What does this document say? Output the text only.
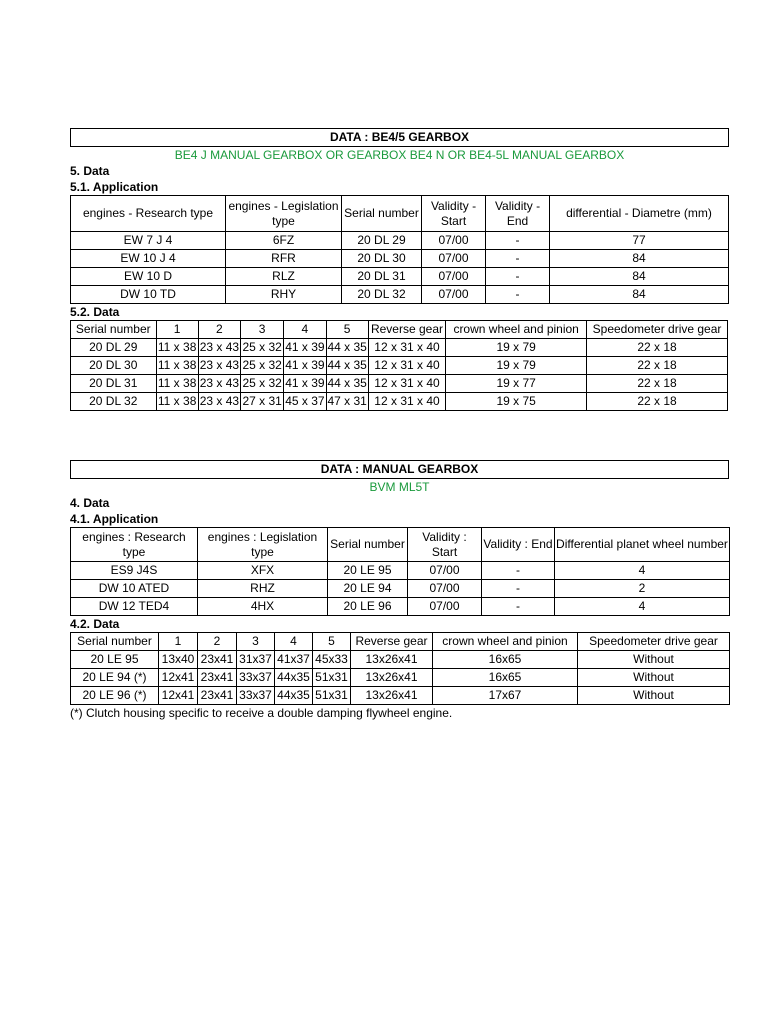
DATA : BE4/5 GEARBOX
BE4 J MANUAL GEARBOX OR GEARBOX BE4 N OR BE4-5L MANUAL GEARBOX
5. Data
5.1. Application
engines - Research type	engines - Legislation type	Serial number	Validity - Start	Validity - End	differential - Diametre (mm)
EW 7 J 4	6FZ	20 DL 29	07/00	-	77
EW 10 J 4	RFR	20 DL 30	07/00	-	84
EW 10 D	RLZ	20 DL 31	07/00	-	84
DW 10 TD	RHY	20 DL 32	07/00	-	84
5.2. Data
Serial number	1	2	3	4	5	Reverse gear	crown wheel and pinion	Speedometer drive gear
20 DL 29	11 x 38	23 x 43	25 x 32	41 x 39	44 x 35	12 x 31 x 40	19 x 79	22 x 18
20 DL 30	11 x 38	23 x 43	25 x 32	41 x 39	44 x 35	12 x 31 x 40	19 x 79	22 x 18
20 DL 31	11 x 38	23 x 43	25 x 32	41 x 39	44 x 35	12 x 31 x 40	19 x 77	22 x 18
20 DL 32	11 x 38	23 x 43	27 x 31	45 x 37	47 x 31	12 x 31 x 40	19 x 75	22 x 18
DATA : MANUAL GEARBOX
BVM ML5T
4. Data
4.1. Application
engines : Research type	engines : Legislation type	Serial number	Validity : Start	Validity : End	Differential planet wheel number
ES9 J4S	XFX	20 LE 95	07/00	-	4
DW 10 ATED	RHZ	20 LE 94	07/00	-	2
DW 12 TED4	4HX	20 LE 96	07/00	-	4
4.2. Data
Serial number	1	2	3	4	5	Reverse gear	crown wheel and pinion	Speedometer drive gear
20 LE 95	13x40	23x41	31x37	41x37	45x33	13x26x41	16x65	Without
20 LE 94 (*)	12x41	23x41	33x37	44x35	51x31	13x26x41	16x65	Without
20 LE 96 (*)	12x41	23x41	33x37	44x35	51x31	13x26x41	17x67	Without
(*) Clutch housing specific to receive a double damping flywheel engine.
